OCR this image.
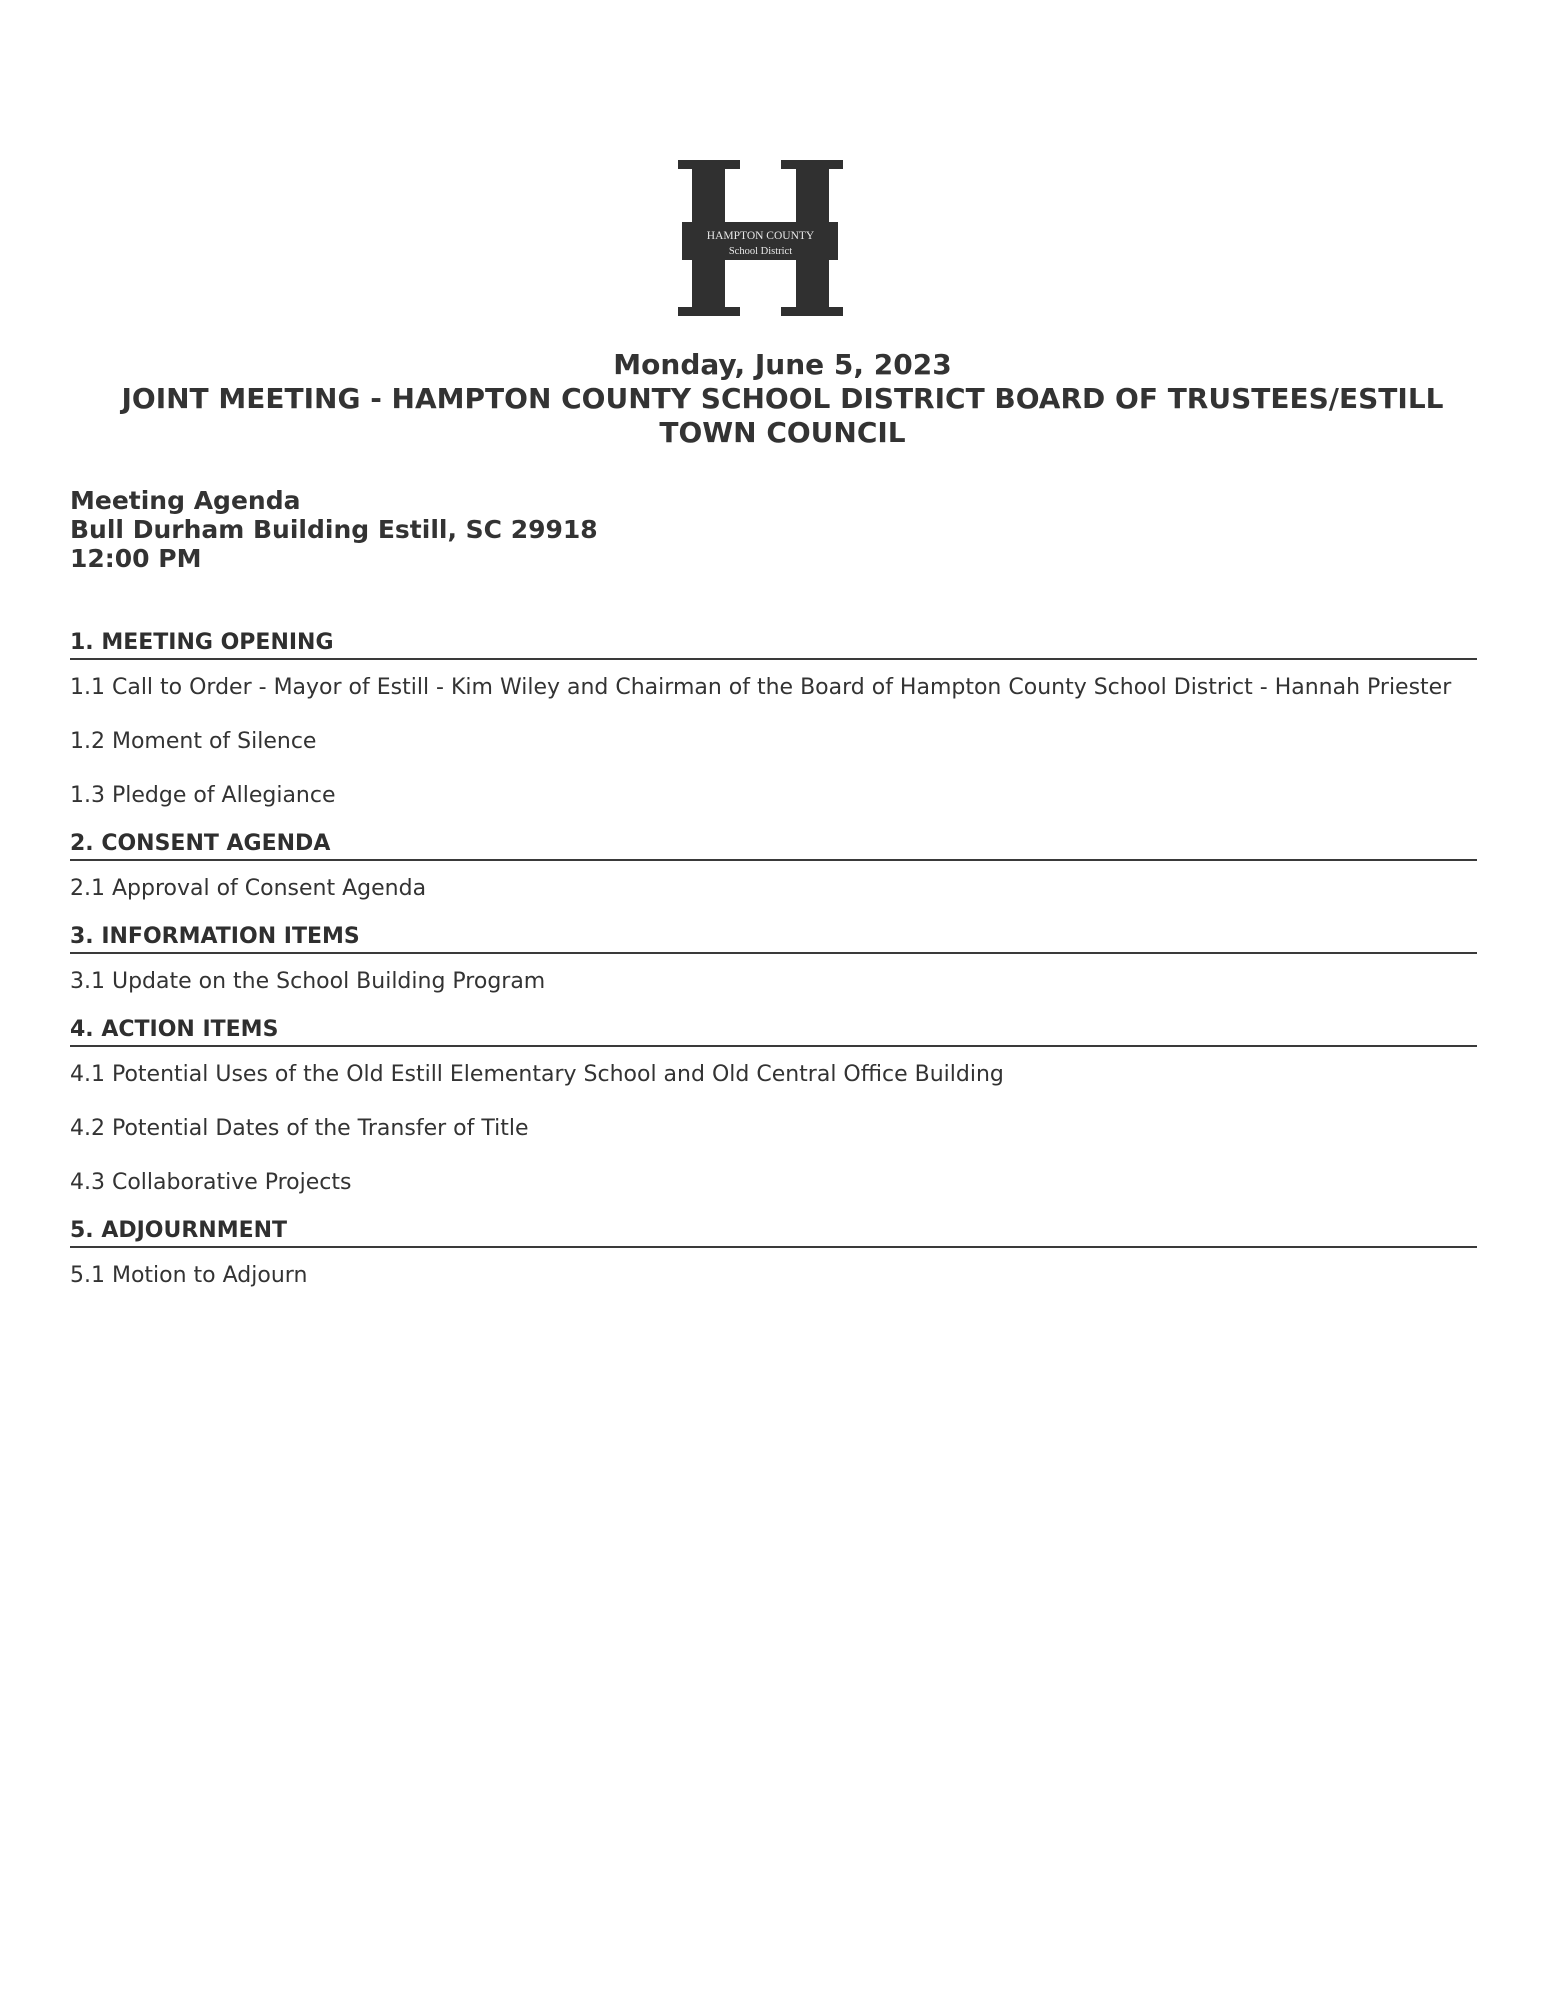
HAMPTON COUNTY
School District
Monday, June 5, 2023
JOINT MEETING - HAMPTON COUNTY SCHOOL DISTRICT BOARD OF TRUSTEES/ESTILL TOWN COUNCIL
Meeting Agenda
Bull Durham Building Estill, SC 29918
12:00 PM
1. MEETING OPENING
1.1 Call to Order - Mayor of Estill - Kim Wiley and Chairman of the Board of Hampton County School District - Hannah Priester
1.2 Moment of Silence
1.3 Pledge of Allegiance
2. CONSENT AGENDA
2.1 Approval of Consent Agenda
3. INFORMATION ITEMS
3.1 Update on the School Building Program
4. ACTION ITEMS
4.1 Potential Uses of the Old Estill Elementary School and Old Central Office Building
4.2 Potential Dates of the Transfer of Title
4.3 Collaborative Projects
5. ADJOURNMENT
5.1 Motion to Adjourn
